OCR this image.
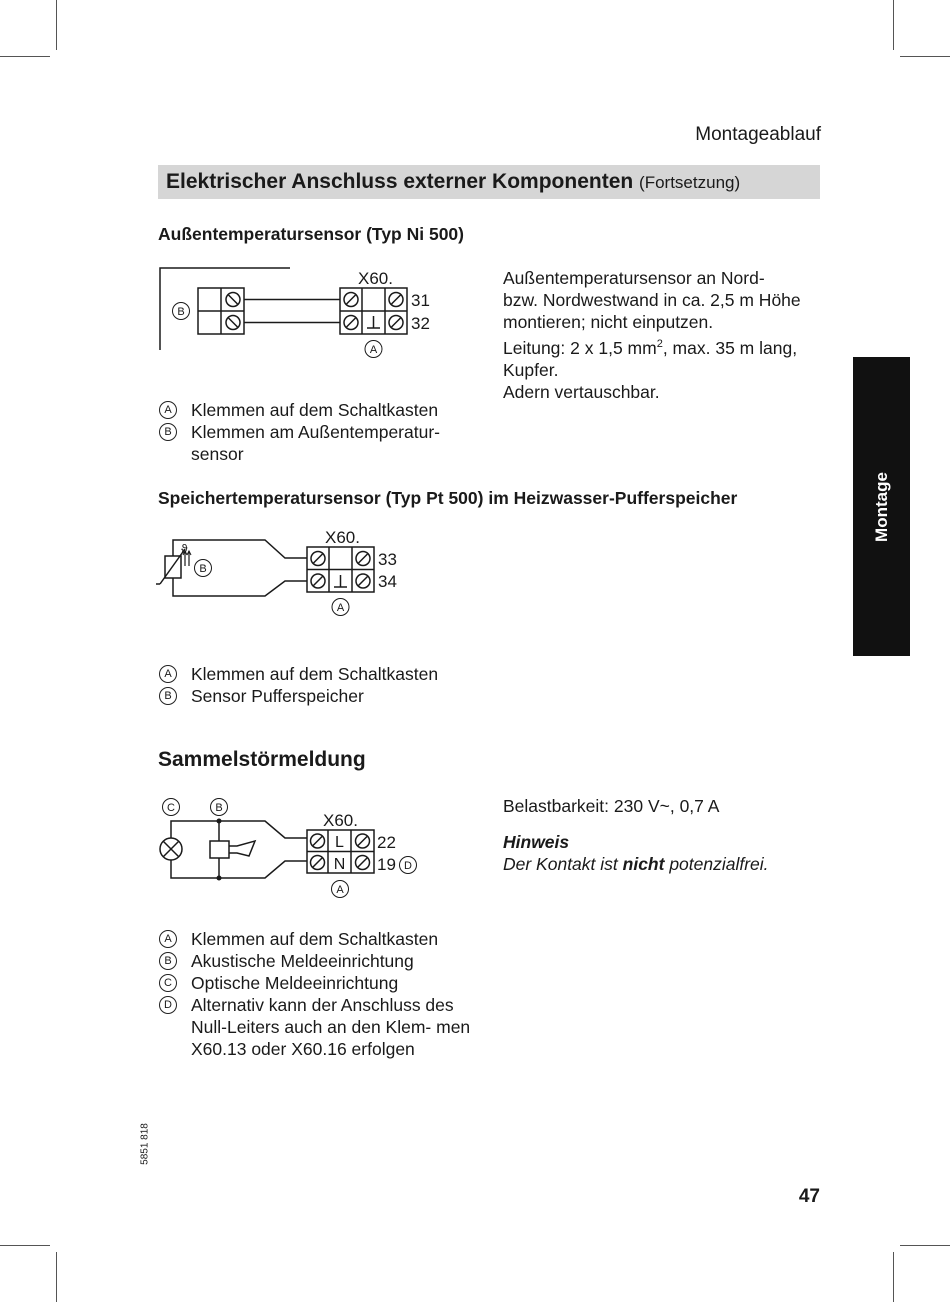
Montageablauf
Elektrischer Anschluss externer Komponenten (Fortsetzung)
Montage
Außentemperatursensor (Typ Ni 500)
X60.
31
32
B
A
Außentemperatursensor an Nord-
bzw. Nordwestwand in ca. 2,5 m Höhe
montieren; nicht einputzen.
Leitung: 2 x 1,5 $mm^2$, max. 35 m lang,
Kupfer.
Adern vertauschbar.
A	Klemmen auf dem Schaltkasten
B	Klemmen am Außentemperatur- sensor
Speichertemperatursensor (Typ Pt 500) im Heizwasser-Pufferspeicher
ϑ
X60.
33
34
B
A
A	Klemmen auf dem Schaltkasten
B	Sensor Pufferspeicher
Sammelstörmeldung
X60.
L
N
22
19
C	B
A
D
Belastbarkeit: 230 V~, 0,7 A
Hinweis
Der Kontakt ist nicht potenzialfrei.
A	Klemmen auf dem Schaltkasten
B	Akustische Meldeeinrichtung
C Optische Meldeeinrichtung
D Alternativ kann der Anschluss des Null-Leiters auch an den Klem- men X60.13 oder X60.16 erfolgen
5851 818
47
